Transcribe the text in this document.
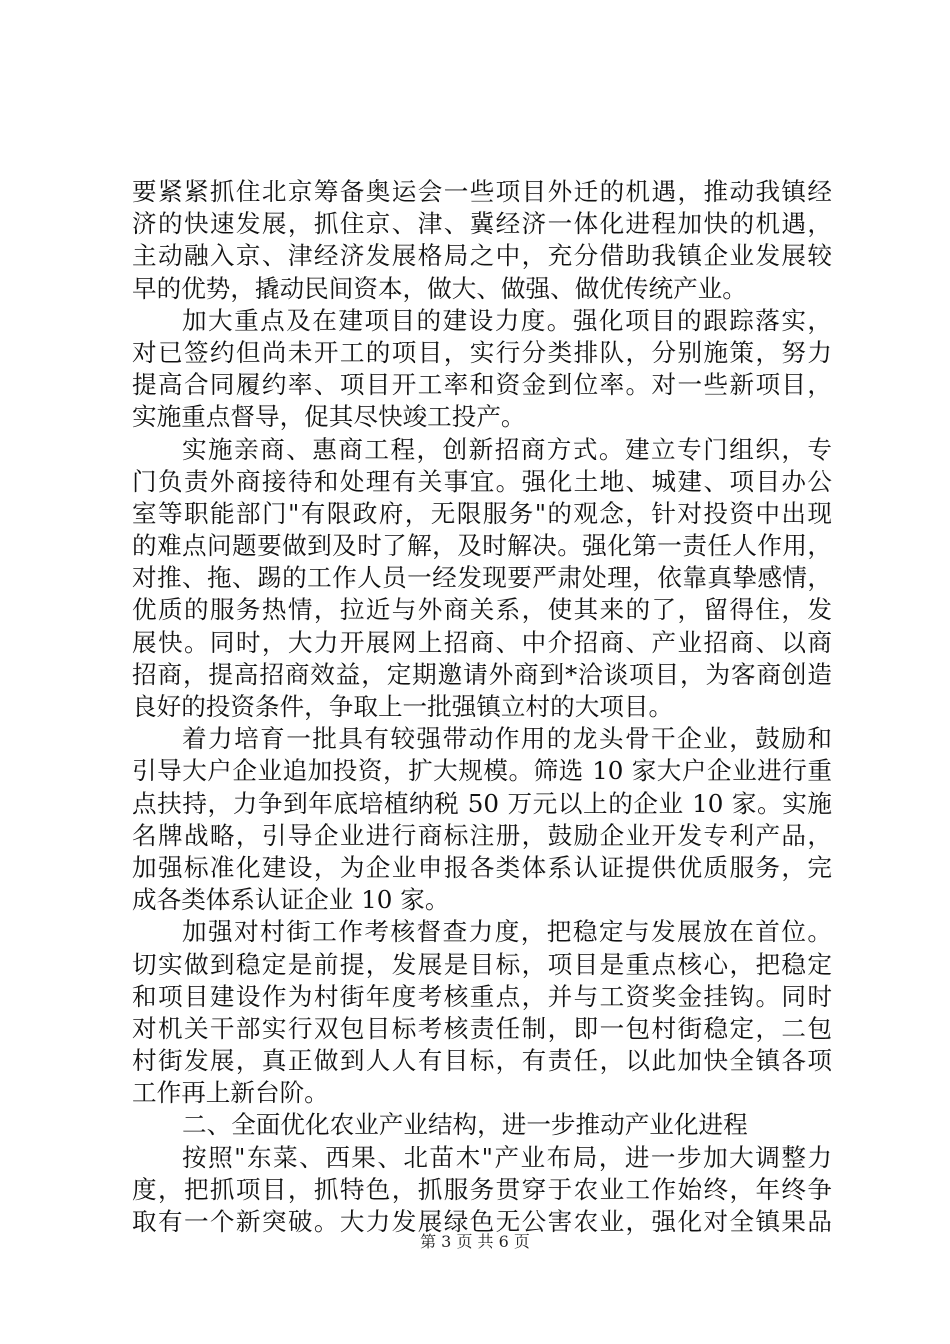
要紧紧抓住北京筹备奥运会一些项目外迁的机遇，推动我镇经
济的快速发展，抓住京、津、冀经济一体化进程加快的机遇，
主动融入京、津经济发展格局之中，充分借助我镇企业发展较
早的优势，撬动民间资本，做大、做强、做优传统产业。
加大重点及在建项目的建设力度。强化项目的跟踪落实，
对已签约但尚未开工的项目，实行分类排队，分别施策，努力
提高合同履约率、项目开工率和资金到位率。对一些新项目，
实施重点督导，促其尽快竣工投产。
实施亲商、惠商工程，创新招商方式。建立专门组织，专
门负责外商接待和处理有关事宜。强化土地、城建、项目办公
室等职能部门"有限政府，无限服务"的观念，针对投资中出现
的难点问题要做到及时了解，及时解决。强化第一责任人作用，
对推、拖、踢的工作人员一经发现要严肃处理，依靠真挚感情，
优质的服务热情，拉近与外商关系，使其来的了，留得住，发
展快。同时，大力开展网上招商、中介招商、产业招商、以商
招商，提高招商效益，定期邀请外商到*洽谈项目，为客商创造
良好的投资条件，争取上一批强镇立村的大项目。
着力培育一批具有较强带动作用的龙头骨干企业，鼓励和
引导大户企业追加投资，扩大规模。筛选 10 家大户企业进行重
点扶持，力争到年底培植纳税 50 万元以上的企业 10 家。实施
名牌战略，引导企业进行商标注册，鼓励企业开发专利产品，
加强标准化建设，为企业申报各类体系认证提供优质服务，完
成各类体系认证企业 10 家。
加强对村街工作考核督查力度，把稳定与发展放在首位。
切实做到稳定是前提，发展是目标，项目是重点核心，把稳定
和项目建设作为村街年度考核重点，并与工资奖金挂钩。同时
对机关干部实行双包目标考核责任制，即一包村街稳定，二包
村街发展，真正做到人人有目标，有责任，以此加快全镇各项
工作再上新台阶。
二、全面优化农业产业结构，进一步推动产业化进程
按照"东菜、西果、北苗木"产业布局，进一步加大调整力
度，把抓项目，抓特色，抓服务贯穿于农业工作始终，年终争
取有一个新突破。大力发展绿色无公害农业，强化对全镇果品
第 3 页 共 6 页
